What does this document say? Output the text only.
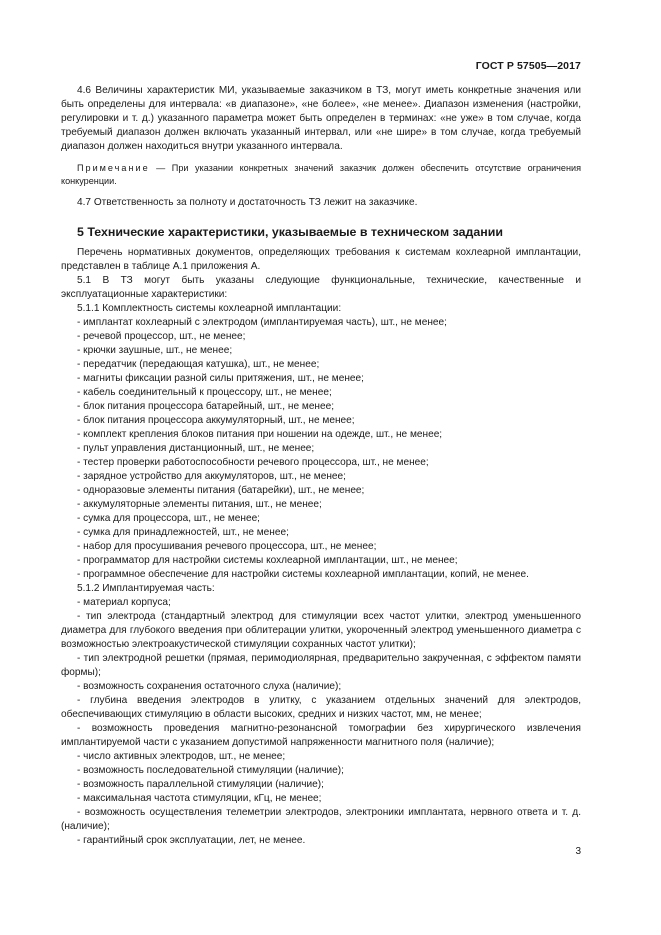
ГОСТ Р 57505—2017

4.6 Величины характеристик МИ, указываемые заказчиком в ТЗ, могут иметь конкретные значения или быть определены для интервала: «в диапазоне», «не более», «не менее». Диапазон изменения (настройки, регулировки и т. д.) указанного параметра может быть определен в терминах: «не уже» в том случае, когда требуемый диапазон должен включать указанный интервал, или «не шире» в том случае, когда требуемый диапазон должен находиться внутри указанного интервала.

Примечание — При указании конкретных значений заказчик должен обеспечить отсутствие ограничения конкуренции.

4.7 Ответственность за полноту и достаточность ТЗ лежит на заказчике.

5 Технические характеристики, указываемые в техническом задании

Перечень нормативных документов, определяющих требования к системам кохлеарной имплантации, представлен в таблице А.1 приложения А.

5.1 В ТЗ могут быть указаны следующие функциональные, технические, качественные и эксплуатационные характеристики:

5.1.1 Комплектность системы кохлеарной имплантации:

- имплантат кохлеарный с электродом (имплантируемая часть), шт., не менее;

- речевой процессор, шт., не менее;

- крючки заушные, шт., не менее;

- передатчик (передающая катушка), шт., не менее;

- магниты фиксации разной силы притяжения, шт., не менее;

- кабель соединительный к процессору, шт., не менее;

- блок питания процессора батарейный, шт., не менее;

- блок питания процессора аккумуляторный, шт., не менее;

- комплект крепления блоков питания при ношении на одежде, шт., не менее;

- пульт управления дистанционный, шт., не менее;

- тестер проверки работоспособности речевого процессора, шт., не менее;

- зарядное устройство для аккумуляторов, шт., не менее;

- одноразовые элементы питания (батарейки), шт., не менее;

- аккумуляторные элементы питания, шт., не менее;

- сумка для процессора, шт., не менее;

- сумка для принадлежностей, шт., не менее;

- набор для просушивания речевого процессора, шт., не менее;

- программатор для настройки системы кохлеарной имплантации, шт., не менее;

- программное обеспечение для настройки системы кохлеарной имплантации, копий, не менее.

5.1.2 Имплантируемая часть:

- материал корпуса;

- тип электрода (стандартный электрод для стимуляции всех частот улитки, электрод уменьшенного диаметра для глубокого введения при облитерации улитки, укороченный электрод уменьшенного диаметра с возможностью электроакустической стимуляции сохранных частот улитки);

- тип электродной решетки (прямая, перимодиолярная, предварительно закрученная, с эффектом памяти формы);

- возможность сохранения остаточного слуха (наличие);

- глубина введения электродов в улитку, с указанием отдельных значений для электродов, обеспечивающих стимуляцию в области высоких, средних и низких частот, мм, не менее;

- возможность проведения магнитно-резонансной томографии без хирургического извлечения имплантируемой части с указанием допустимой напряженности магнитного поля (наличие);

- число активных электродов, шт., не менее;

- возможность последовательной стимуляции (наличие);

- возможность параллельной стимуляции (наличие);

- максимальная частота стимуляции, кГц, не менее;

- возможность осуществления телеметрии электродов, электроники имплантата, нервного ответа и т. д. (наличие);

- гарантийный срок эксплуатации, лет, не менее.

3
